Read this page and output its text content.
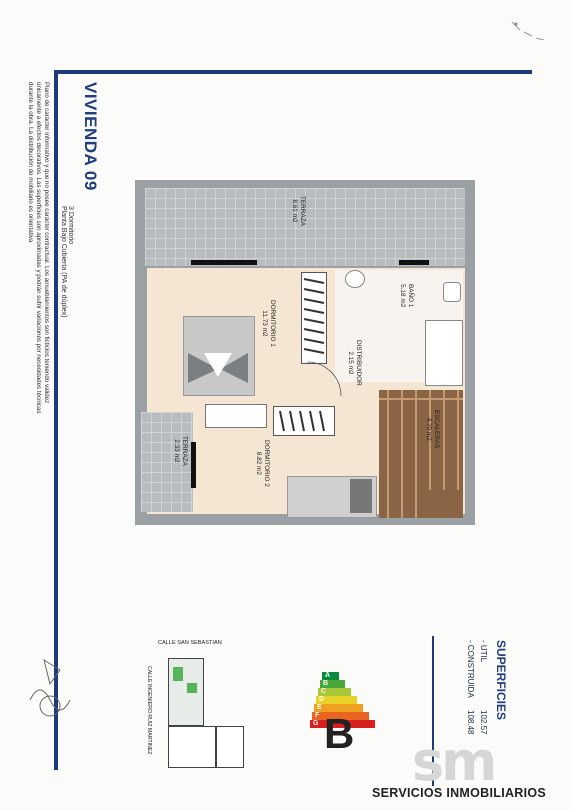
VIVIENDA 09
3 Dormitorio
Planta Bajo Cubierta (PA de dúplex)
Plano de carácter informativo y que no posee carácter contractual. Los amueblamientos son ficticios teniendo validez únicamente a efectos decorativos. Las superficies son aproximadas y podrán sufrir variaciones por necesidades técnicas durante la obra. La distribución de mobiliario es orientativa	TERRAZA
8.61 m2
BAÑO 1
5.18 m2
DORMITORIO 1
11.73 m2
DISTRIBUIDOR
2.15 m2
ESCALERAS
4.70 m2
TERRAZA
2.33 m2	DORMITORIO 2
8.82 m2
CALLE SAN SEBASTIAN
CALLE INGENIERO RUIZ MARTINEZ	A
B
C
D
E
F
G B
SUPERFICIES
- UTIL
102.57
- CONSTRUIDA
108.48
sm
SERVICIOS INMOBILIARIOS
